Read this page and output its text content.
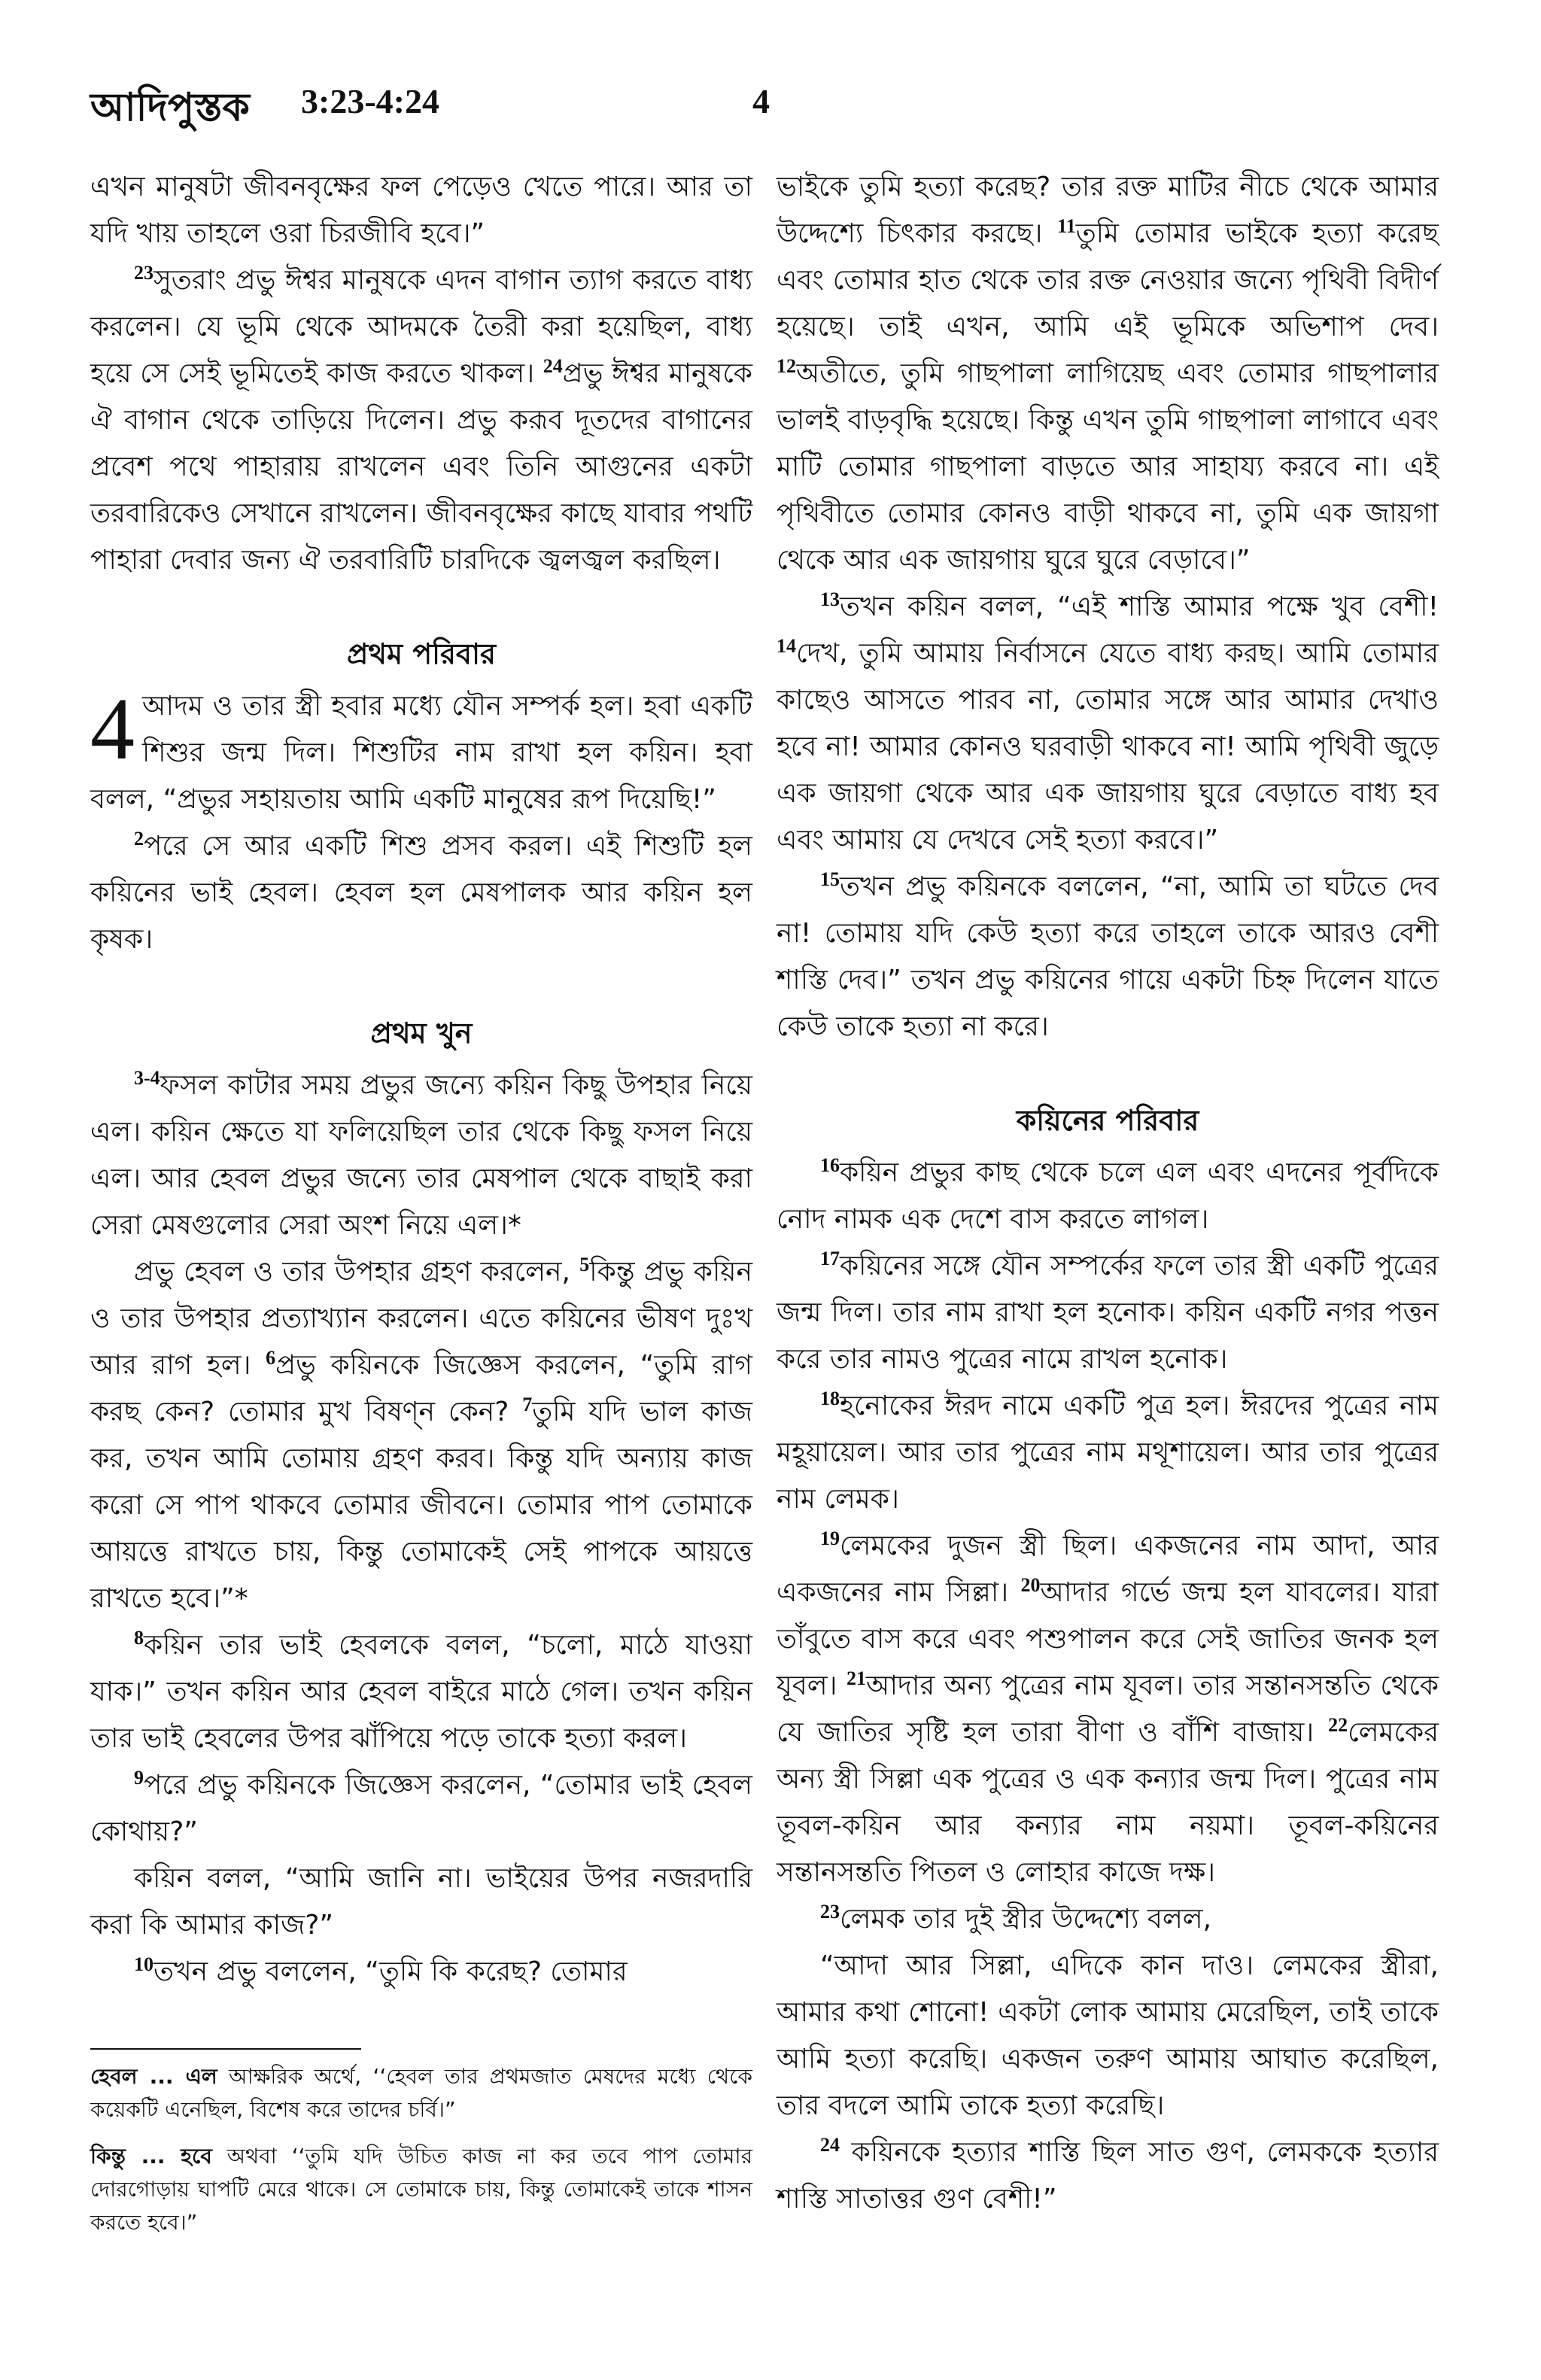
আদিপুস্তক 3:23-4:24	4

এখন মানুষটা জীবনবৃক্ষের ফল পেড়েও খেতে পারে। আর তা যদি খায় তাহলে ওরা চিরজীবি হবে।”

$^{23}$সুতরাং প্রভু ঈশ্বর মানুষকে এদন বাগান ত্যাগ করতে বাধ্য করলেন। যে ভূমি থেকে আদমকে তৈরী করা হয়েছিল, বাধ্য হয়ে সে সেই ভূমিতেই কাজ করতে থাকল। $^{24}$প্রভু ঈশ্বর মানুষকে ঐ বাগান থেকে তাড়িয়ে দিলেন। প্রভু করূব দূতদের বাগানের প্রবেশ পথে পাহারায় রাখলেন এবং তিনি আগুনের একটা তরবারিকেও সেখানে রাখলেন। জীবনবৃক্ষের কাছে যাবার পথটি পাহারা দেবার জন্য ঐ তরবারিটি চারদিকে জ্বলজ্বল করছিল।

প্রথম পরিবার

4 আদম ও তার স্ত্রী হবার মধ্যে যৌন সম্পর্ক হল। হবা একটি শিশুর জন্ম দিল। শিশুটির নাম রাখা হল কয়িন। হবা বলল, “প্রভুর সহায়তায় আমি একটি মানুষের রূপ দিয়েছি!”

$^2$পরে সে আর একটি শিশু প্রসব করল। এই শিশুটি হল কয়িনের ভাই হেবল। হেবল হল মেষপালক আর কয়িন হল কৃষক।

প্রথম খুন

$^{3-4}$ফসল কাটার সময় প্রভুর জন্যে কয়িন কিছু উপহার নিয়ে এল। কয়িন ক্ষেতে যা ফলিয়েছিল তার থেকে কিছু ফসল নিয়ে এল। আর হেবল প্রভুর জন্যে তার মেষপাল থেকে বাছাই করা সেরা মেষগুলোর সেরা অংশ নিয়ে এল।*

প্রভু হেবল ও তার উপহার গ্রহণ করলেন, $^5$কিন্তু প্রভু কয়িন ও তার উপহার প্রত্যাখ্যান করলেন। এতে কয়িনের ভীষণ দুঃখ আর রাগ হল। $^6$প্রভু কয়িনকে জিজ্ঞেস করলেন, “তুমি রাগ করছ কেন? তোমার মুখ বিষণ্ন কেন? $^7$তুমি যদি ভাল কাজ কর, তখন আমি তোমায় গ্রহণ করব। কিন্তু যদি অন্যায় কাজ করো সে পাপ থাকবে তোমার জীবনে। তোমার পাপ তোমাকে আয়ত্তে রাখতে চায়, কিন্তু তোমাকেই সেই পাপকে আয়ত্তে রাখতে হবে।”*

$^8$কয়িন তার ভাই হেবলকে বলল, “চলো, মাঠে যাওয়া যাক।” তখন কয়িন আর হেবল বাইরে মাঠে গেল। তখন কয়িন তার ভাই হেবলের উপর ঝাঁপিয়ে পড়ে তাকে হত্যা করল।

$^9$পরে প্রভু কয়িনকে জিজ্ঞেস করলেন, “তোমার ভাই হেবল কোথায়?”

কয়িন বলল, “আমি জানি না। ভাইয়ের উপর নজরদারি করা কি আমার কাজ?”

$^{10}$তখন প্রভু বললেন, “তুমি কি করেছ? তোমার

হেবল ... এল আক্ষরিক অর্থে, ‘‘হেবল তার প্রথমজাত মেষদের মধ্যে থেকে কয়েকটি এনেছিল, বিশেষ করে তাদের চর্বি।”
কিন্তু ... হবে অথবা ‘‘তুমি যদি উচিত কাজ না কর তবে পাপ তোমার দোরগোড়ায় ঘাপটি মেরে থাকে। সে তোমাকে চায়, কিন্তু তোমাকেই তাকে শাসন করতে হবে।”

ভাইকে তুমি হত্যা করেছ? তার রক্ত মাটির নীচে থেকে আমার উদ্দেশ্যে চিৎকার করছে। $^{11}$তুমি তোমার ভাইকে হত্যা করেছ এবং তোমার হাত থেকে তার রক্ত নেওয়ার জন্যে পৃথিবী বিদীর্ণ হয়েছে। তাই এখন, আমি এই ভূমিকে অভিশাপ দেব। $^{12}$অতীতে, তুমি গাছপালা লাগিয়েছ এবং তোমার গাছপালার ভালই বাড়বৃদ্ধি হয়েছে। কিন্তু এখন তুমি গাছপালা লাগাবে এবং মাটি তোমার গাছপালা বাড়তে আর সাহায্য করবে না। এই পৃথিবীতে তোমার কোনও বাড়ী থাকবে না, তুমি এক জায়গা থেকে আর এক জায়গায় ঘুরে ঘুরে বেড়াবে।”

$^{13}$তখন কয়িন বলল, “এই শাস্তি আমার পক্ষে খুব বেশী! $^{14}$দেখ, তুমি আমায় নির্বাসনে যেতে বাধ্য করছ। আমি তোমার কাছেও আসতে পারব না, তোমার সঙ্গে আর আমার দেখাও হবে না! আমার কোনও ঘরবাড়ী থাকবে না! আমি পৃথিবী জুড়ে এক জায়গা থেকে আর এক জায়গায় ঘুরে বেড়াতে বাধ্য হব এবং আমায় যে দেখবে সেই হত্যা করবে।”

$^{15}$তখন প্রভু কয়িনকে বললেন, “না, আমি তা ঘটতে দেব না! তোমায় যদি কেউ হত্যা করে তাহলে তাকে আরও বেশী শাস্তি দেব।” তখন প্রভু কয়িনের গায়ে একটা চিহ্ন দিলেন যাতে কেউ তাকে হত্যা না করে।

কয়িনের পরিবার

$^{16}$কয়িন প্রভুর কাছ থেকে চলে এল এবং এদনের পূর্বদিকে নোদ নামক এক দেশে বাস করতে লাগল।

$^{17}$কয়িনের সঙ্গে যৌন সম্পর্কের ফলে তার স্ত্রী একটি পুত্রের জন্ম দিল। তার নাম রাখা হল হনোক। কয়িন একটি নগর পত্তন করে তার নামও পুত্রের নামে রাখল হনোক।

$^{18}$হনোকের ঈরদ নামে একটি পুত্র হল। ঈরদের পুত্রের নাম মহূয়ায়েল। আর তার পুত্রের নাম মথূশায়েল। আর তার পুত্রের নাম লেমক।

$^{19}$লেমকের দুজন স্ত্রী ছিল। একজনের নাম আদা, আর একজনের নাম সিল্লা। $^{20}$আদার গর্ভে জন্ম হল যাবলের। যারা তাঁবুতে বাস করে এবং পশুপালন করে সেই জাতির জনক হল যূবল। $^{21}$আদার অন্য পুত্রের নাম যূবল। তার সন্তানসন্ততি থেকে যে জাতির সৃষ্টি হল তারা বীণা ও বাঁশি বাজায়। $^{22}$লেমকের অন্য স্ত্রী সিল্লা এক পুত্রের ও এক কন্যার জন্ম দিল। পুত্রের নাম তূবল-কয়িন আর কন্যার নাম নয়মা। তূবল-কয়িনের সন্তানসন্ততি পিতল ও লোহার কাজে দক্ষ।

$^{23}$লেমক তার দুই স্ত্রীর উদ্দেশ্যে বলল,

“আদা আর সিল্লা, এদিকে কান দাও। লেমকের স্ত্রীরা, আমার কথা শোনো! একটা লোক আমায় মেরেছিল, তাই তাকে আমি হত্যা করেছি। একজন তরুণ আমায় আঘাত করেছিল, তার বদলে আমি তাকে হত্যা করেছি।

$^{24}$ কয়িনকে হত্যার শাস্তি ছিল সাত গুণ, লেমককে হত্যার শাস্তি সাতাত্তর গুণ বেশী!”
